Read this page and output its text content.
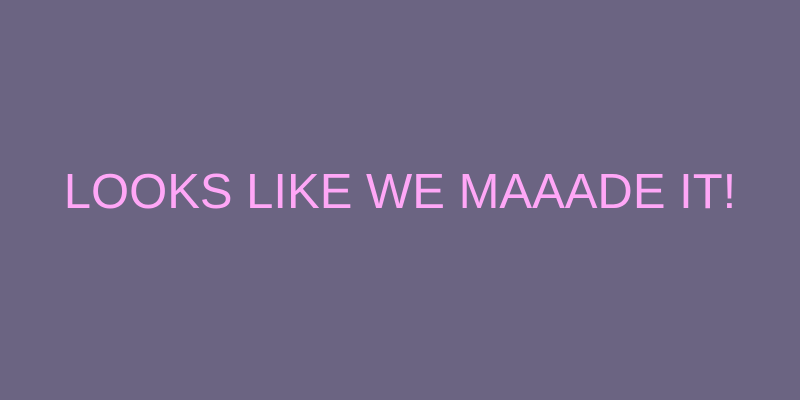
LOOKS LIKE WE MAAADE IT!
